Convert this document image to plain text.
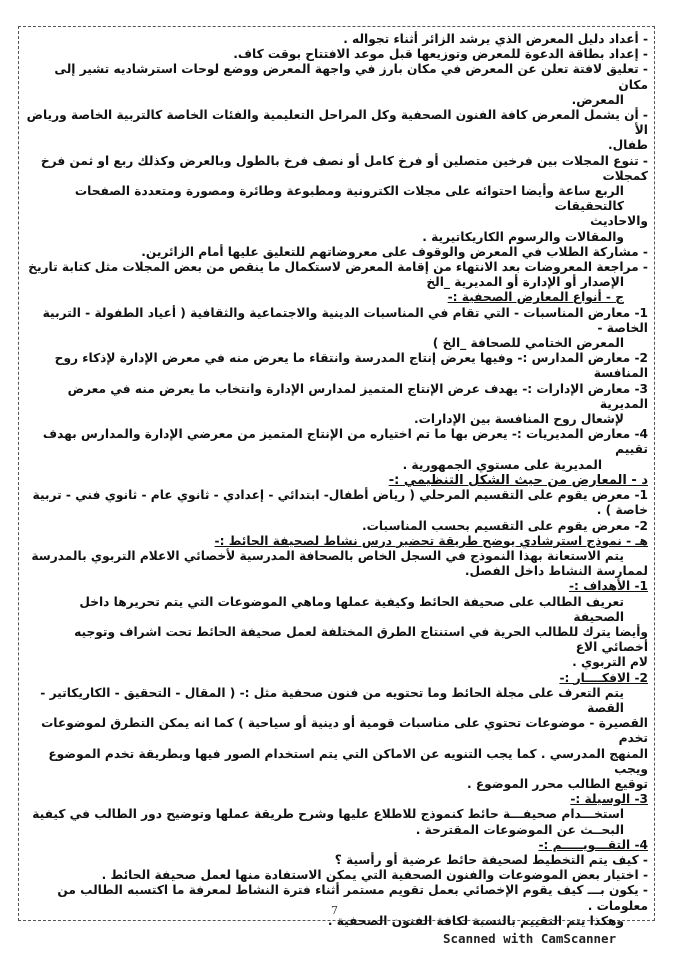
- أعداد دليل المعرض الذي يرشد الزائر أثناء تجواله .

- إعداد بطاقة الدعوة للمعرض وتوزيعها قبل موعد الافتتاح بوقت كاف.

- تعليق لافتة تعلن عن المعرض في مكان بارز في واجهة المعرض ووضع لوحات استرشاديه تشير إلى مكان

المعرض.

- أن يشمل المعرض كافة الفنون الصحفية وكل المراحل التعليمية والفئات الخاصة كالتربية الخاصة ورياض الأ

طفال.

- تنوع المجلات بين فرخين متصلين أو فرخ كامل أو نصف فرخ بالطول وبالعرض وكذلك ربع او ثمن فرخ كمجلات

الربع ساعة وأيضا احتوائه على مجلات الكترونية ومطبوعة وطائرة ومصورة ومتعددة الصفحات كالتحقيقات

والاحاديث

والمقالات والرسوم الكاريكاتيرية .

- مشاركة الطلاب في المعرض والوقوف على معروضاتهم للتعليق عليها أمام الزائرين.

- مراجعة المعروضات بعد الانتهاء من إقامة المعرض لاستكمال ما ينقص من بعض المجلات مثل كتابة تاريخ

الإصدار أو الإدارة أو المديرية _الخ

ج - أنواع المعارض الصحفية :-

1- معارض المناسبات - التي تقام في المناسبات الدينية والاجتماعية والثقافية ( أعياد الطفولة - التربية الخاصة -

المعرض الختامي للصحافة _الخ )

2- معارض المدارس :- وفيها يعرض إنتاج المدرسة وانتقاء ما يعرض منه في معرض الإدارة لإذكاء روح المنافسة

3- معارض الإدارات :- يهدف عرض الإنتاج المتميز لمدارس الإدارة وانتخاب ما يعرض منه في معرض المديرية

لإشعال روح المنافسة بين الإدارات.

4- معارض المديريات :- يعرض بها ما تم اختياره من الإنتاج المتميز من معرضي الإدارة والمدارس بهدف تقييم

المديرية على مستوي الجمهورية .

د - المعارض من حيث الشكل التنظيمي :-

1- معرض يقوم على التقسيم المرحلي ( رياض أطفال- ابتدائي - إعدادي - ثانوي عام - ثانوي فني - تربية خاصة ) .

2- معرض يقوم على التقسيم بحسب المناسبات.

هـ - نموذج استرشادي يوضح طريقة تحضير درس نشاط لصحيفة الحائط :-

يتم الاستعانة بهذا النموذج في السجل الخاص بالصحافة المدرسية لأخصائي الاعلام التربوي بالمدرسة

لممارسة النشاط داخل الفصل.

1- الأهداف :-

تعريف الطالب على صحيفة الحائط وكيفية عملها وماهي الموضوعات التي يتم تحريرها داخل الصحيفة

وأيضا يترك للطالب الحرية في استنتاج الطرق المختلفة لعمل صحيفة الحائط تحت اشراف وتوجيه أخصائي الاع

لام التربوي .

2- الافكــــار :-

يتم التعرف على مجلة الحائط وما تحتويه من فنون صحفية مثل :- ( المقال - التحقيق - الكاريكاتير - القصة

القصيرة - موضوعات تحتوي على مناسبات قومية أو دينية أو سياحية ) كما انه يمكن التطرق لموضوعات تخدم

المنهج المدرسي . كما يجب التنويه عن الاماكن التي يتم استخدام الصور فيها وبطريقة تخدم الموضوع ويجب

توقيع الطالب محرر الموضوع .

3- الوسيلة :-

استخـــدام صحيفـــة حائط كنموذج للاطلاع عليها وشرح طريقة عملها وتوضيح دور الطالب في كيفية

البحــث عن الموضوعات المقترحة .

4- التقـــويـــــم :-

- كيف يتم التخطيط لصحيفة حائط عرضية أو رأسية ؟

- اختيار بعض الموضوعات والفنون الصحفية التي يمكن الاستفادة منها لعمل صحيفة الحائط .

- يكون بـــ كيف يقوم الإخصائي بعمل تقويم مستمر أثناء فترة النشاط لمعرفة ما اكتسبه الطالب من معلومات .

وهكذا يتم التقييم بالنسبة لكافة الفنون الصحفية .

7
Scanned with CamScanner
